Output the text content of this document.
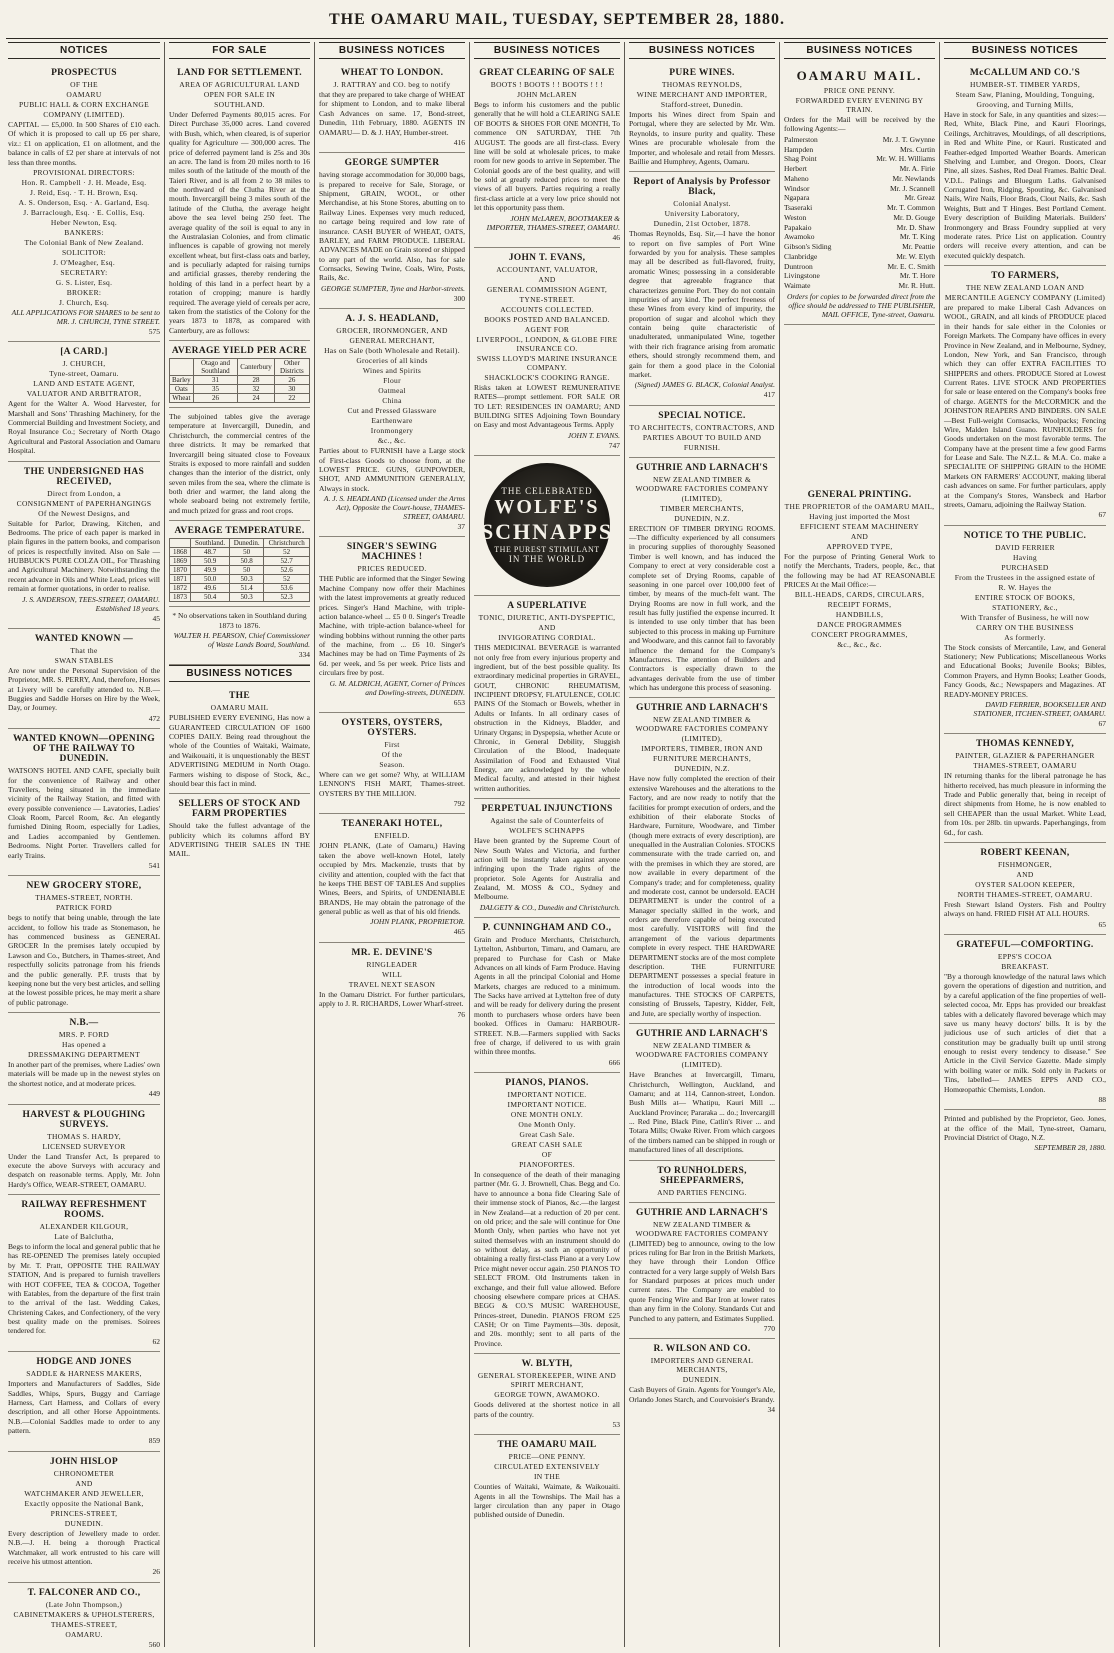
THE OAMARU MAIL, TUESDAY, SEPTEMBER 28, 1880.
NOTICES
PROSPECTUS
OF THE
OAMARU
PUBLIC HALL & CORN EXCHANGE
COMPANY (LIMITED).
CAPITAL — £5,000. In 500 Shares of £10 each. Of which it is proposed to call up £6 per share, viz.: £1 on application, £1 on allotment, and the balance in calls of £2 per share at intervals of not less than three months.
PROVISIONAL DIRECTORS:
Hon. R. Campbell · J. H. Meade, Esq.
J. Reid, Esq. · T. H. Brown, Esq.
A. S. Onderson, Esq. · A. Garland, Esq.
J. Barraclough, Esq. · E. Collis, Esq.
Heber Newton, Esq.
BANKERS:
The Colonial Bank of New Zealand.
SOLICITOR:
J. O'Meagher, Esq.
SECRETARY:
G. S. Lister, Esq.
BROKER:
J. Church, Esq.
ALL APPLICATIONS FOR SHARES to be sent to MR. J. CHURCH, TYNE STREET.
575
[A CARD.]
J. CHURCH,
Tyne-street, Oamaru.
LAND AND ESTATE AGENT,
VALUATOR AND ARBITRATOR,
Agent for the Walter A. Wood Harvester, for Marshall and Sons' Thrashing Machinery, for the Commercial Building and Investment Society, and Royal Insurance Co.; Secretary of North Otago Agricultural and Pastoral Association and Oamaru Hospital.
THE UNDERSIGNED HAS RECEIVED,
Direct from London, a
CONSIGNMENT of PAPERHANGINGS
Of the Newest Designs, and
Suitable for Parlor, Drawing, Kitchen, and Bedrooms. The price of each paper is marked in plain figures in the pattern books, and comparison of prices is respectfully invited. Also on Sale — HUBBUCK'S PURE COLZA OIL, For Thrashing and Agricultural Machinery. Notwithstanding the recent advance in Oils and White Lead, prices will remain at former quotations, in order to realise.
J. S. ANDERSON, TEES-STREET, OAMARU. Established 18 years.
45
WANTED KNOWN —
That the
SWAN STABLES
Are now under the Personal Supervision of the Proprietor, MR. S. PERRY, And, therefore, Horses at Livery will be carefully attended to. N.B.—Buggies and Saddle Horses on Hire by the Week, Day, or Journey.
472
WANTED KNOWN—OPENING OF THE RAILWAY TO DUNEDIN.
WATSON'S HOTEL AND CAFE, specially built for the convenience of Railway and other Travellers, being situated in the immediate vicinity of the Railway Station, and fitted with every possible convenience — Lavatories, Ladies' Cloak Room, Parcel Room, &c. An elegantly furnished Dining Room, especially for Ladies, and Ladies accompanied by Gentlemen. Bedrooms. Night Porter. Travellers called for early Trains.
541
NEW GROCERY STORE,
THAMES-STREET, NORTH.
PATRICK FORD
begs to notify that being unable, through the late accident, to follow his trade as Stonemason, he has commenced business as GENERAL GROCER In the premises lately occupied by Lawson and Co., Butchers, in Thames-street, And respectfully solicits patronage from his friends and the public generally. P.F. trusts that by keeping none but the very best articles, and selling at the lowest possible prices, he may merit a share of public patronage.
N.B.—
MRS. P. FORD
Has opened a
DRESSMAKING DEPARTMENT
In another part of the premises, where Ladies' own materials will be made up in the newest styles on the shortest notice, and at moderate prices.
449
HARVEST & PLOUGHING SURVEYS.
THOMAS S. HARDY,
LICENSED SURVEYOR
Under the Land Transfer Act, Is prepared to execute the above Surveys with accuracy and despatch on reasonable terms. Apply, Mr. John Hardy's Office, WEAR-STREET, OAMARU.
RAILWAY REFRESHMENT ROOMS.
ALEXANDER KILGOUR,
Late of Balclutha,
Begs to inform the local and general public that he has RE-OPENED The premises lately occupied by Mr. T. Pratt, OPPOSITE THE RAILWAY STATION, And is prepared to furnish travellers with HOT COFFEE, TEA & COCOA, Together with Eatables, from the departure of the first train to the arrival of the last. Wedding Cakes, Christening Cakes, and Confectionery, of the very best quality made on the premises. Soirees tendered for.
62
HODGE AND JONES
SADDLE & HARNESS MAKERS,
Importers and Manufacturers of Saddles, Side Saddles, Whips, Spurs, Buggy and Carriage Harness, Cart Harness, and Collars of every description, and all other Horse Appointments. N.B.—Colonial Saddles made to order to any pattern.
859
JOHN HISLOP
CHRONOMETER
AND
WATCHMAKER AND JEWELLER,
Exactly opposite the National Bank,
PRINCES-STREET,
DUNEDIN.
Every description of Jewellery made to order. N.B.—J. H. being a thorough Practical Watchmaker, all work entrusted to his care will receive his utmost attention.
26
T. FALCONER AND CO.,
(Late John Thompson,)
CABINETMAKERS & UPHOLSTERERS,
THAMES-STREET,
OAMARU.
560
FOR SALE
LAND FOR SETTLEMENT.
AREA OF AGRICULTURAL LAND
OPEN FOR SALE IN
SOUTHLAND.
Under Deferred Payments 80,015 acres. For Direct Purchase 35,000 acres. Land covered with Bush, which, when cleared, is of superior quality for Agriculture — 300,000 acres. The price of deferred payment land is 25s and 30s an acre. The land is from 20 miles north to 16 miles south of the latitude of the mouth of the Taieri River, and is all from 2 to 38 miles to the northward of the Clutha River at the mouth. Invercargill being 3 miles south of the latitude of the Clutha, the average height above the sea level being 250 feet. The average quality of the soil is equal to any in the Australasian Colonies, and from climatic influences is capable of growing not merely excellent wheat, but first-class oats and barley, and is peculiarly adapted for raising turnips and artificial grasses, thereby rendering the holding of this land in a perfect heart by a rotation of cropping; manure is hardly required. The average yield of cereals per acre, taken from the statistics of the Colony for the years 1873 to 1878, as compared with Canterbury, are as follows:
AVERAGE YIELD PER ACRE
	Otago and Southland	Canterbury	Other Districts
Barley	31	28	26
Oats	35	32	30
Wheat	26	24	22
The subjoined tables give the average temperature at Invercargill, Dunedin, and Christchurch, the commercial centres of the three districts. It may be remarked that Invercargill being situated close to Foveaux Straits is exposed to more rainfall and sudden changes than the interior of the district, only seven miles from the sea, where the climate is both drier and warmer, the land along the whole seaboard being not extremely fertile, and much prized for grass and root crops.
AVERAGE TEMPERATURE.
	Southland.	Dunedin.	Christchurch
1868	48.7	50	52
1869	50.9	50.8	52.7
1870	49.9	50	52.6
1871	50.0	50.3	52
1872	49.6	51.4	53.6
1873	50.4	50.3	52.3
* No observations taken in Southland during 1873 to 1876.
WALTER H. PEARSON, Chief Commissioner of Waste Lands Board, Southland.
334
BUSINESS NOTICES
THE
OAMARU MAIL
PUBLISHED EVERY EVENING, Has now a GUARANTEED CIRCULATION OF 1600 COPIES DAILY. Being read throughout the whole of the Counties of Waitaki, Waimate, and Waikouaiti, it is unquestionably the BEST ADVERTISING MEDIUM in North Otago. Farmers wishing to dispose of Stock, &c., should bear this fact in mind.
SELLERS OF STOCK AND FARM PROPERTIES
Should take the fullest advantage of the publicity which its columns afford BY ADVERTISING THEIR SALES IN THE MAIL.
BUSINESS NOTICES
WHEAT TO LONDON.
J. RATTRAY and CO. beg to notify
that they are prepared to take charge of WHEAT for shipment to London, and to make liberal Cash Advances on same. 17, Bond-street, Dunedin, 11th February, 1880. AGENTS IN OAMARU— D. & J. HAY, Humber-street.
416
GEORGE SUMPTER
having storage accommodation for 30,000 bags, is prepared to receive for Sale, Storage, or Shipment, GRAIN, WOOL, or other Merchandise, at his Stone Stores, abutting on to Railway Lines. Expenses very much reduced, no cartage being required and low rate of insurance. CASH BUYER of WHEAT, OATS, BARLEY, and FARM PRODUCE. LIBERAL ADVANCES MADE on Grain stored or shipped to any part of the world. Also, has for sale Cornsacks, Sewing Twine, Coals, Wire, Posts, Rails, &c.
GEORGE SUMPTER, Tyne and Harbor-streets.
300
A. J. S. HEADLAND,
GROCER, IRONMONGER, AND
GENERAL MERCHANT,
Has on Sale (both Wholesale and Retail).
Groceries of all kinds
Wines and Spirits
Flour
Oatmeal
China
Cut and Pressed Glassware
Earthenware
Ironmongery
&c., &c.
Parties about to FURNISH have a Large stock of First-class Goods to choose from, at the LOWEST PRICE. GUNS, GUNPOWDER, SHOT, AND AMMUNITION GENERALLY, Always in stock.
A. J. S. HEADLAND (Licensed under the Arms Act), Opposite the Court-house, THAMES-STREET, OAMARU.
37
SINGER'S SEWING MACHINES !
PRICES REDUCED.
THE Public are informed that the Singer Sewing Machine Company now offer their Machines with the latest improvements at greatly reduced prices. Singer's Hand Machine, with triple-action balance-wheel ... £5 0 0. Singer's Treadle Machine, with triple-action balance-wheel for winding bobbins without running the other parts of the machine, from ... £6 10. Singer's Machines may be had on Time Payments of 2s 6d. per week, and 5s per week. Price lists and circulars free by post.
G. M. ALDRICH, AGENT, Corner of Princes and Dowling-streets, DUNEDIN.
653
OYSTERS, OYSTERS, OYSTERS.
First
Of the
Season.
Where can we get some? Why, at WILLIAM LENNON'S FISH MART, Thames-street. OYSTERS BY THE MILLION.
792
TEANERAKI HOTEL,
ENFIELD.
JOHN PLANK, (Late of Oamaru,) Having taken the above well-known Hotel, lately occupied by Mrs. Mackenzie, trusts that by civility and attention, coupled with the fact that he keeps THE BEST OF TABLES And supplies Wines, Beers, and Spirits, of UNDENIABLE BRANDS, He may obtain the patronage of the general public as well as that of his old friends.
JOHN PLANK, PROPRIETOR.
465
MR. E. DEVINE'S
RINGLEADER
WILL
TRAVEL NEXT SEASON
In the Oamaru District. For further particulars, apply to J. R. RICHARDS, Lower Wharf-street.
76
BUSINESS NOTICES
GREAT CLEARING OF SALE
BOOTS ! BOOTS ! ! BOOTS ! ! !
JOHN McLAREN
Begs to inform his customers and the public generally that he will hold a CLEARING SALE OF BOOTS & SHOES FOR ONE MONTH, To commence ON SATURDAY, THE 7th AUGUST. The goods are all first-class. Every line will be sold at wholesale prices, to make room for new goods to arrive in September. The Colonial goods are of the best quality, and will be sold at greatly reduced prices to meet the views of all buyers. Parties requiring a really first-class article at a very low price should not let this opportunity pass them.
JOHN McLAREN, BOOTMAKER & IMPORTER, THAMES-STREET, OAMARU.
46
JOHN T. EVANS,
ACCOUNTANT, VALUATOR,
AND
GENERAL COMMISSION AGENT,
TYNE-STREET.
ACCOUNTS COLLECTED.
BOOKS POSTED AND BALANCED.
AGENT FOR
LIVERPOOL, LONDON, & GLOBE FIRE INSURANCE CO.
SWISS LLOYD'S MARINE INSURANCE COMPANY.
SHACKLOCK'S COOKING RANGE.
Risks taken at LOWEST REMUNERATIVE RATES—prompt settlement. FOR SALE OR TO LET: RESIDENCES IN OAMARU; AND BUILDING SITES Adjoining Town Boundary on Easy and most Advantageous Terms. Apply
JOHN T. EVANS.
747
THE CELEBRATED
WOLFE'S
SCHNAPPS
THE PUREST STIMULANT
IN THE WORLD
A SUPERLATIVE
TONIC, DIURETIC, ANTI-DYSPEPTIC,
AND
INVIGORATING CORDIAL.
THIS MEDICINAL BEVERAGE is warranted not only free from every injurious property and ingredient, but of the best possible quality. Its extraordinary medicinal properties in GRAVEL, GOUT, CHRONIC RHEUMATISM, INCIPIENT DROPSY, FLATULENCE, COLIC PAINS Of the Stomach or Bowels, whether in Adults or Infants. In all ordinary cases of obstruction in the Kidneys, Bladder, and Urinary Organs; in Dyspepsia, whether Acute or Chronic, in General Debility, Sluggish Circulation of the Blood, Inadequate Assimilation of Food and Exhausted Vital Energy, are acknowledged by the whole Medical faculty, and attested in their highest written authorities.
PERPETUAL INJUNCTIONS
Against the sale of Counterfeits of
WOLFE'S SCHNAPPS
Have been granted by the Supreme Court of New South Wales and Victoria, and further action will be instantly taken against anyone infringing upon the Trade rights of the proprietor. Sole Agents for Australia and Zealand, M. MOSS & CO., Sydney and Melbourne.
DALGETY & CO., Dunedin and Christchurch.
P. CUNNINGHAM AND CO.,
Grain and Produce Merchants, Christchurch, Lyttelton, Ashburton, Timaru, and Oamaru, are prepared to Purchase for Cash or Make Advances on all kinds of Farm Produce. Having Agents in all the principal Colonial and Home Markets, charges are reduced to a minimum. The Sacks have arrived at Lyttelton free of duty and will be ready for delivery during the present month to purchasers whose orders have been booked. Offices in Oamaru: HARBOUR-STREET. N.B.—Farmers supplied with Sacks free of charge, if delivered to us with grain within three months.
666
PIANOS, PIANOS.
IMPORTANT NOTICE.
IMPORTANT NOTICE.
ONE MONTH ONLY.
One Month Only.
Great Cash Sale.
GREAT CASH SALE
OF
PIANOFORTES.
In consequence of the death of their managing partner (Mr. G. J. Brownell, Chas. Begg and Co. have to announce a bona fide Clearing Sale of their immense stock of Pianos, &c.—the largest in New Zealand—at a reduction of 20 per cent. on old price; and the sale will continue for One Month Only, when parties who have not yet suited themselves with an instrument should do so without delay, as such an opportunity of obtaining a really first-class Piano at a very Low Price might never occur again. 250 PIANOS TO SELECT FROM. Old Instruments taken in exchange, and their full value allowed. Before choosing elsewhere compare prices at CHAS. BEGG & CO.'S MUSIC WAREHOUSE, Princes-street, Dunedin. PIANOS FROM £25 CASH; Or on Time Payments—30s. deposit, and 20s. monthly; sent to all parts of the Province.
W. BLYTH,
GENERAL STOREKEEPER, WINE AND SPIRIT MERCHANT,
GEORGE TOWN, AWAMOKO.
Goods delivered at the shortest notice in all parts of the country.
53
THE OAMARU MAIL
PRICE—ONE PENNY.
CIRCULATED EXTENSIVELY
IN THE
Counties of Waitaki, Waimate, & Waikouaiti. Agents in all the Townships. The Mail has a larger circulation than any paper in Otago published outside of Dunedin.
BUSINESS NOTICES
PURE WINES.
THOMAS REYNOLDS,
WINE MERCHANT AND IMPORTER,
Stafford-street, Dunedin.
Imports his Wines direct from Spain and Portugal, where they are selected by Mr. Wm. Reynolds, to insure purity and quality. These Wines are procurable wholesale from the Importer, and wholesale and retail from Messrs. Baillie and Humphrey, Agents, Oamaru.
Report of Analysis by Professor Black,
Colonial Analyst.
University Laboratory,
Dunedin, 21st October, 1878.
Thomas Reynolds, Esq. Sir,—I have the honor to report on five samples of Port Wine forwarded by you for analysis. These samples may all be described as full-flavored, fruity, aromatic Wines; possessing in a considerable degree that agreeable fragrance that characterizes genuine Port. They do not contain impurities of any kind. The perfect freeness of these Wines from every kind of impurity, the proportion of sugar and alcohol which they contain being quite characteristic of unadulterated, unmanipulated Wine, together with their rich fragrance arising from aromatic ethers, should strongly recommend them, and gain for them a good place in the Colonial market.
(Signed) JAMES G. BLACK, Colonial Analyst.
417
SPECIAL NOTICE.
TO ARCHITECTS, CONTRACTORS, AND
PARTIES ABOUT TO BUILD AND
FURNISH.
GUTHRIE AND LARNACH'S
NEW ZEALAND TIMBER & WOODWARE FACTORIES COMPANY
(LIMITED),
TIMBER MERCHANTS,
DUNEDIN, N.Z.
ERECTION OF TIMBER DRYING ROOMS.—The difficulty experienced by all consumers in procuring supplies of thoroughly Seasoned Timber is well known, and has induced the Company to erect at very considerable cost a complete set of Drying Rooms, capable of seasoning in one parcel over 100,000 feet of timber, by means of the much-felt want. The Drying Rooms are now in full work, and the result has fully justified the expense incurred. It is intended to use only timber that has been subjected to this process in making up Furniture and Woodware, and this cannot fail to favorably influence the demand for the Company's Manufactures. The attention of Builders and Contractors is especially drawn to the advantages derivable from the use of timber which has undergone this process of seasoning.
GUTHRIE AND LARNACH'S
NEW ZEALAND TIMBER & WOODWARE FACTORIES COMPANY
(LIMITED),
IMPORTERS, TIMBER, IRON AND
FURNITURE MERCHANTS,
DUNEDIN, N.Z.
Have now fully completed the erection of their extensive Warehouses and the alterations to the Factory, and are now ready to notify that the facilities for prompt execution of orders, and the exhibition of their elaborate Stocks of Hardware, Furniture, Woodware, and Timber (though mere extracts of every description), are unequalled in the Australian Colonies. STOCKS commensurate with the trade carried on, and with the premises in which they are stored, are now available in every department of the Company's trade; and for completeness, quality and moderate cost, cannot be undersold. EACH DEPARTMENT is under the control of a Manager specially skilled in the work, and orders are therefore capable of being executed most carefully. VISITORS will find the arrangement of the various departments complete in every respect. THE HARDWARE DEPARTMENT stocks are of the most complete description. THE FURNITURE DEPARTMENT possesses a special feature in the introduction of local woods into the manufactures. THE STOCKS OF CARPETS, consisting of Brussels, Tapestry, Kidder, Felt, and Jute, are specially worthy of inspection.
GUTHRIE AND LARNACH'S
NEW ZEALAND TIMBER & WOODWARE FACTORIES COMPANY
(LIMITED).
Have Branches at Invercargill, Timaru, Christchurch, Wellington, Auckland, and Oamaru; and at 114, Cannon-street, London. Bush Mills at— Whatipu, Kauri Mill ... Auckland Province; Pararaka ... do.; Invercargill ... Red Pine, Black Pine, Catlin's River ... and Totara Mills; Owake River. From which cargoes of the timbers named can be shipped in rough or manufactured lines of all descriptions.
TO RUNHOLDERS, SHEEPFARMERS,
AND PARTIES FENCING.
GUTHRIE AND LARNACH'S
NEW ZEALAND TIMBER & WOODWARE FACTORIES COMPANY
(LIMITED) beg to announce, owing to the low prices ruling for Bar Iron in the British Markets, they have through their London Office contracted for a very large supply of Welsh Bars for Standard purposes at prices much under current rates. The Company are enabled to quote Fencing Wire and Bar Iron at lower rates than any firm in the Colony. Standards Cut and Punched to any pattern, and Estimates Supplied.
770
R. WILSON AND CO.
IMPORTERS AND GENERAL MERCHANTS,
DUNEDIN.
Cash Buyers of Grain. Agents for Younger's Ale, Orlando Jones Starch, and Courvoisier's Brandy.
34
BUSINESS NOTICES
OAMARU MAIL.
PRICE ONE PENNY.
FORWARDED EVERY EVENING BY TRAIN.
Orders for the Mail will be received by the following Agents:—
Palmerston	Mr. J. T. Gwynne
Hampden	Mrs. Curtin
Shag Point	Mr. W. H. Williams
Herbert	Mr. A. Firie
Maheno	Mr. Newlands
Windsor	Mr. J. Scannell
Ngapara	Mr. Greaz
Tsaseraki	Mr. T. Common
Weston	Mr. D. Gouge
Papakaio	Mr. D. Shaw
Awamoko	Mr. T. King
Gibson's Siding	Mr. Peattie
Clanbridge	Mr. W. Elyth
Duntroon	Mr. E. C. Smith
Livingstone	Mr. T. Hore
Waimate	Mr. R. Hutt.
Orders for copies to be forwarded direct from the office should be addressed to THE PUBLISHER, MAIL OFFICE, Tyne-street, Oamaru.
GENERAL PRINTING.
THE PROPRIETOR of the OAMARU MAIL,
Having just imported the Most
EFFICIENT STEAM MACHINERY
AND
APPROVED TYPE,
For the purpose of Printing General Work to notify the Merchants, Traders, people, &c., that the following may be had AT REASONABLE PRICES At the Mail Office:—
BILL-HEADS, CARDS, CIRCULARS,
RECEIPT FORMS,
HANDBILLS,
DANCE PROGRAMMES
CONCERT PROGRAMMES,
&c., &c., &c.
BUSINESS NOTICES
McCALLUM AND CO.'S
HUMBER-ST. TIMBER YARDS,
Steam Saw, Planing, Moulding, Tonguing,
Grooving, and Turning Mills,
Have in stock for Sale, in any quantities and sizes:— Red, White, Black Pine, and Kauri Floorings, Ceilings, Architraves, Mouldings, of all descriptions, in Red and White Pine, or Kauri. Rusticated and Feather-edged Imported Weather Boards. American Shelving and Lumber, and Oregon. Doors, Clear Pine, all sizes. Sashes, Red Deal Frames. Baltic Deal. V.D.L. Palings and Bluegum Laths. Galvanised Corrugated Iron, Ridging, Spouting, &c. Galvanised Nails, Wire Nails, Floor Brads, Clout Nails, &c. Sash Weights, Butt and T Hinges. Best Portland Cement. Every description of Building Materials. Builders' Ironmongery and Brass Foundry supplied at very moderate rates. Price List on application. Country orders will receive every attention, and can be executed quickly despatch.
TO FARMERS,
THE NEW ZEALAND LOAN AND
MERCANTILE AGENCY COMPANY (Limited)
are prepared to make Liberal Cash Advances on WOOL, GRAIN, and all kinds of PRODUCE placed in their hands for sale either in the Colonies or Foreign Markets. The Company have offices in every Province in New Zealand, and in Melbourne, Sydney, London, New York, and San Francisco, through which they can offer EXTRA FACILITIES TO SHIPPERS and others. PRODUCE Stored at Lowest Current Rates. LIVE STOCK AND PROPERTIES for sale or lease entered on the Company's books free of charge. AGENTS for the McCORMICK and the JOHNSTON REAPERS AND BINDERS. ON SALE—Best Full-weight Cornsacks, Woolpacks; Fencing Wire, Malden Island Guano. RUNHOLDERS for Goods undertaken on the most favorable terms. The Company have at the present time a few good Farms for Lease and Sale. The N.Z.L. & M.A. Co. make a SPECIALITE OF SHIPPING GRAIN to the HOME Markets ON FARMERS' ACCOUNT, making liberal cash advances on same. For further particulars, apply at the Company's Stores, Wansbeck and Harbor streets, Oamaru, adjoining the Railway Station.
67
NOTICE TO THE PUBLIC.
DAVID FERRIER
Having
PURCHASED
From the Trustees in the assigned estate of
R. W. Hayes the
ENTIRE STOCK OF BOOKS,
STATIONERY, &c.,
With Transfer of Business, he will now
CARRY ON THE BUSINESS
As formerly.
The Stock consists of Mercantile, Law, and General Stationery; New Publications; Miscellaneous Works and Educational Books; Juvenile Books; Bibles, Common Prayers, and Hymn Books; Leather Goods, Fancy Goods, &c.; Newspapers and Magazines. AT READY-MONEY PRICES.
DAVID FERRIER, BOOKSELLER AND STATIONER, ITCHEN-STREET, OAMARU.
67
THOMAS KENNEDY,
PAINTER, GLAZIER & PAPERHANGER
THAMES-STREET, OAMARU
IN returning thanks for the liberal patronage he has hitherto received, has much pleasure in informing the Trade and Public generally that, being in receipt of direct shipments from Home, he is now enabled to sell CHEAPER than the usual Market. White Lead, from 10s. per 28lb. tin upwards. Paperhangings, from 6d., for cash.
ROBERT KEENAN,
FISHMONGER,
AND
OYSTER SALOON KEEPER,
NORTH THAMES-STREET, OAMARU.
Fresh Stewart Island Oysters. Fish and Poultry always on hand. FRIED FISH AT ALL HOURS.
65
GRATEFUL—COMFORTING.
EPPS'S COCOA
BREAKFAST.
"By a thorough knowledge of the natural laws which govern the operations of digestion and nutrition, and by a careful application of the fine properties of well-selected cocoa, Mr. Epps has provided our breakfast tables with a delicately flavored beverage which may save us many heavy doctors' bills. It is by the judicious use of such articles of diet that a constitution may be gradually built up until strong enough to resist every tendency to disease." See Article in the Civil Service Gazette. Made simply with boiling water or milk. Sold only in Packets or Tins, labelled— JAMES EPPS AND CO., Homœopathic Chemists, London.
88
Printed and published by the Proprietor, Geo. Jones, at the office of the Mail, Tyne-street, Oamaru, Provincial District of Otago, N.Z.
SEPTEMBER 28, 1880.
